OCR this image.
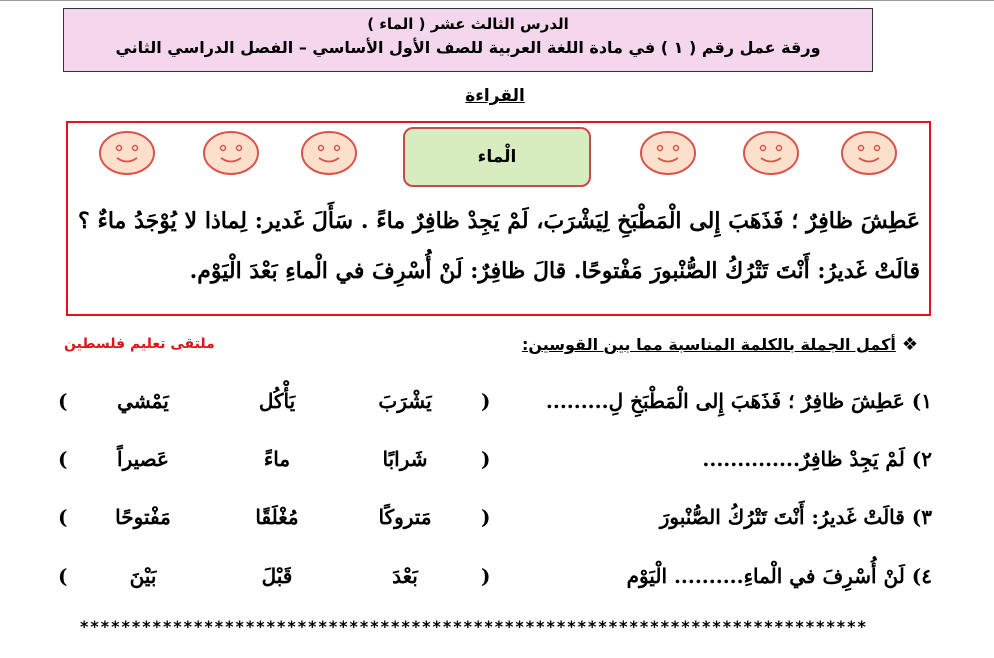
الدرس الثالث عشر ( الماء )
ورقة عمل رقم ( ١ ) في مادة اللغة العربية للصف الأول الأساسي – الفصل الدراسي الثاني
القراءة
الْماء
عَطِشَ ظافِرٌ ؛ فَذَهَبَ إِلى الْمَطْبَخِ لِيَشْرَبَ، لَمْ يَجِدْ ظافِرٌ ماءً . سَأَلَ غَدير: لِماذا لا يُوْجَدُ ماءٌ ؟ قالَتْ غَديرُ: أَنْتَ تَتْرُكُ الصُّنْبورَ مَفْتوحًا. قالَ ظافِرٌ: لَنْ أُسْرِفَ في الْماءِ بَعْدَ الْيَوْم.
❖
أكمل الجملة بالكلمة المناسبة مما بين القوسين:
ملتقى تعليم فلسطين
١) عَطِشَ ظافِرٌ ؛ فَذَهَبَ إِلى الْمَطْبَخِ لِ.........
)
يَشْرَبَ
يَأْكُل
يَمْشي
(
٢) لَمْ يَجِدْ ظافِرٌ..............
)
شَرابًا
ماءً
عَصيراً
(
٣) قالَتْ غَديرُ: أَنْتَ تَتْرُكُ الصُّنْبورَ
)
مَتروكًا
مُغْلَقًا
مَفْتوحًا
(
٤) لَنْ أُسْرِفَ في الْماءِ.......... الْيَوْم
)
بَعْدَ
قَبْلَ
بَيْنَ
(
****************************************************************************
